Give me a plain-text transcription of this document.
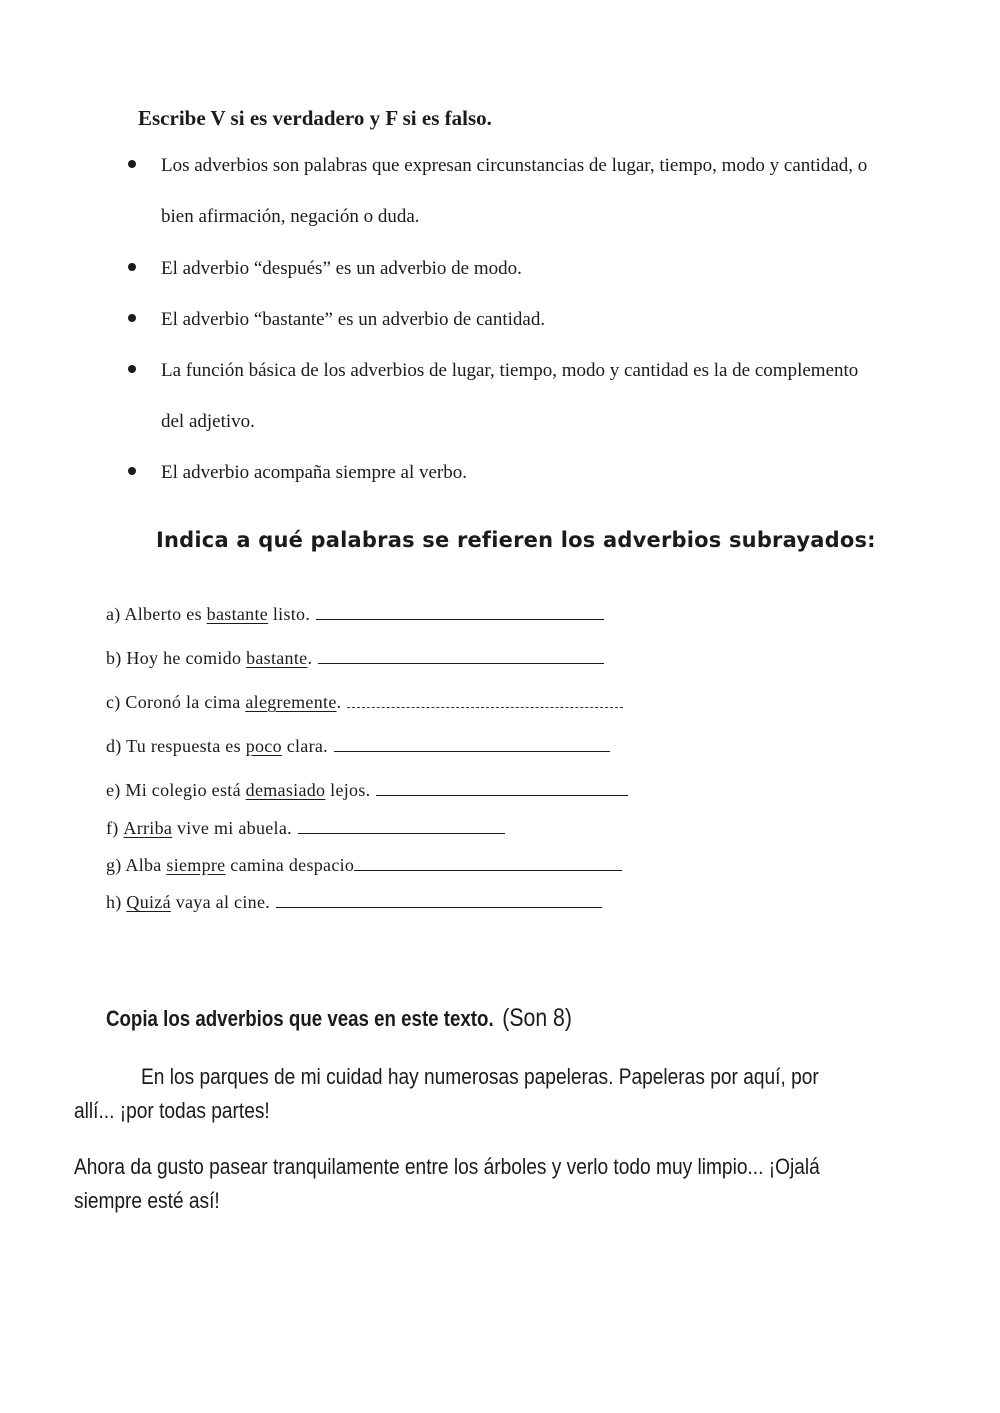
Escribe V si es verdadero y F si es falso.
Los adverbios son palabras que expresan circunstancias de lugar, tiempo, modo y cantidad, o bien afirmación, negación o duda.
El adverbio “después” es un adverbio de modo.
El adverbio “bastante” es un adverbio de cantidad.
La función básica de los adverbios de lugar, tiempo, modo y cantidad es la de complemento del adjetivo.
El adverbio acompaña siempre al verbo.
Indica a qué palabras se refieren los adverbios subrayados:
a) Alberto es bastante listo.
b) Hoy he comido bastante .
c) Coronó la cima alegremente .
d) Tu respuesta es poco clara.
e) Mi colegio está demasiado lejos.
f) Arriba vive mi abuela.
g) Alba siempre camina despacio
h) Quizá vaya al cine.
Copia los adverbios que veas en este texto. (Son 8)

En los parques de mi cuidad hay numerosas papeleras. Papeleras por aquí, por allí... ¡por todas partes!

Ahora da gusto pasear tranquilamente entre los árboles y verlo todo muy limpio... ¡Ojalá siempre esté así!
